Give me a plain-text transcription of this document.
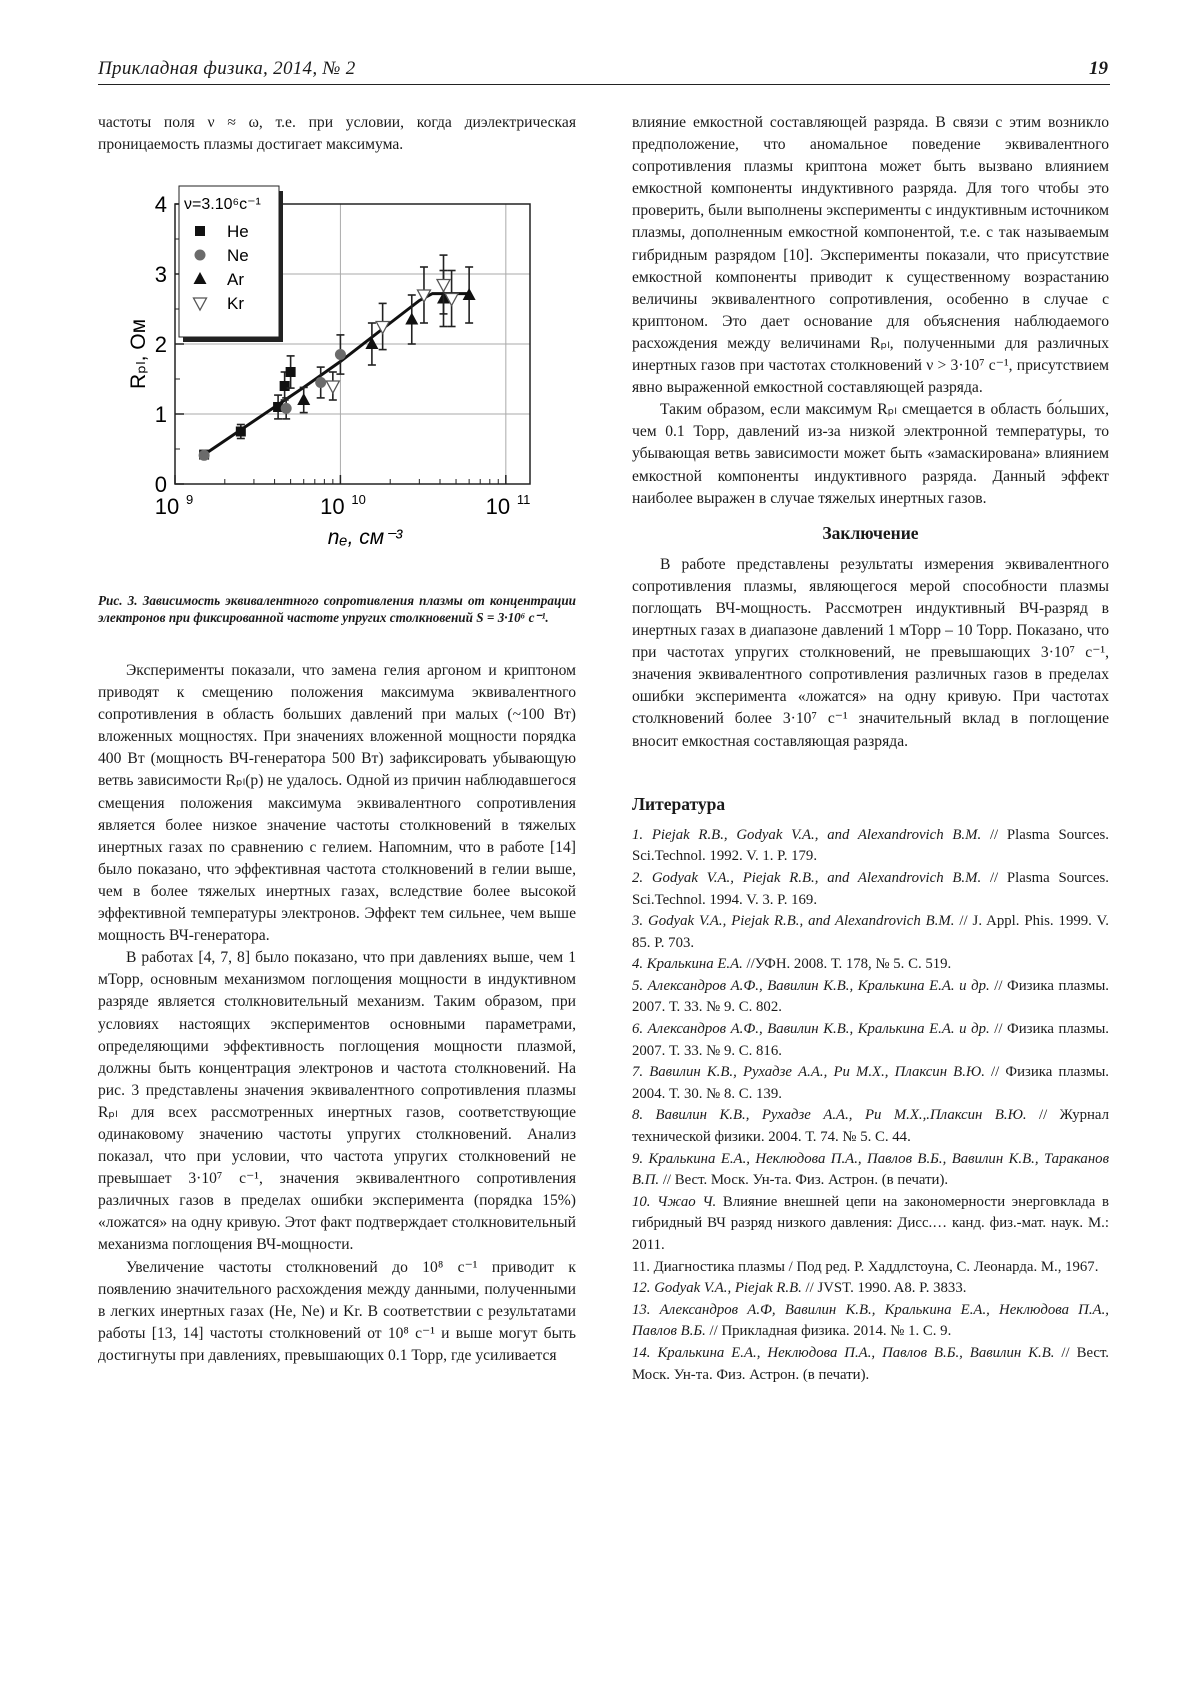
Прикладная физика, 2014, № 2	19

частоты поля ν ≈ ω, т.е. при условии, когда диэлектрическая проницаемость плазмы достигает максимума.

0
1
2
3
4
10 9	10 10	10 11
nₑ, см⁻³
Rₚₗ, Ом
ν=3.10⁶с⁻¹
He
Ne
Ar
Kr
Рис. 3. Зависимость эквивалентного сопротивления плазмы от концентрации электронов при фиксированной частоте упругих столкновений S = 3·10⁶ с⁻¹.

Эксперименты показали, что замена гелия аргоном и криптоном приводят к смещению положения максимума эквивалентного сопротивления в область больших давлений при малых (~100 Вт) вложенных мощностях. При значениях вложенной мощности порядка 400 Вт (мощность ВЧ-генератора 500 Вт) зафиксировать убывающую ветвь зависимости Rₚₗ(p) не удалось. Одной из причин наблюдавшегося смещения положения максимума эквивалентного сопротивления является более низкое значение частоты столкновений в тяжелых инертных газах по сравнению с гелием. Напомним, что в работе [14] было показано, что эффективная частота столкновений в гелии выше, чем в более тяжелых инертных газах, вследствие более высокой эффективной температуры электронов. Эффект тем сильнее, чем выше мощность ВЧ-генератора.

В работах [4, 7, 8] было показано, что при давлениях выше, чем 1 мТорр, основным механизмом поглощения мощности в индуктивном разряде является столкновительный механизм. Таким образом, при условиях настоящих экспериментов основными параметрами, определяющими эффективность поглощения мощности плазмой, должны быть концентрация электронов и частота столкновений. На рис. 3 представлены значения эквивалентного сопротивления плазмы Rₚₗ для всех рассмотренных инертных газов, соответствующие одинаковому значению частоты упругих столкновений. Анализ показал, что при условии, что частота упругих столкновений не превышает 3·10⁷ с⁻¹, значения эквивалентного сопротивления различных газов в пределах ошибки эксперимента (порядка 15%) «ложатся» на одну кривую. Этот факт подтверждает столкновительный механизма поглощения ВЧ-мощности.

Увеличение частоты столкновений до 10⁸ с⁻¹ приводит к появлению значительного расхождения между данными, полученными в легких инертных газах (He, Ne) и Kr. В соответствии с результатами работы [13, 14] частоты столкновений от 10⁸ с⁻¹ и выше могут быть достигнуты при давлениях, превышающих 0.1 Торр, где усиливается

влияние емкостной составляющей разряда. В связи с этим возникло предположение, что аномальное поведение эквивалентного сопротивления плазмы криптона может быть вызвано влиянием емкостной компоненты индуктивного разряда. Для того чтобы это проверить, были выполнены эксперименты с индуктивным источником плазмы, дополненным емкостной компонентой, т.е. с так называемым гибридным разрядом [10]. Эксперименты показали, что присутствие емкостной компоненты приводит к существенному возрастанию величины эквивалентного сопротивления, особенно в случае с криптоном. Это дает основание для объяснения наблюдаемого расхождения между величинами Rₚₗ, полученными для различных инертных газов при частотах столкновений ν > 3·10⁷ с⁻¹, присутствием явно выраженной емкостной составляющей разряда.

Таким образом, если максимум Rₚₗ смещается в область бо́льших, чем 0.1 Торр, давлений из-за низкой электронной температуры, то убывающая ветвь зависимости может быть «замаскирована» влиянием емкостной компоненты индуктивного разряда. Данный эффект наиболее выражен в случае тяжелых инертных газов.

Заключение

В работе представлены результаты измерения эквивалентного сопротивления плазмы, являющегося мерой способности плазмы поглощать ВЧ-мощность. Рассмотрен индуктивный ВЧ-разряд в инертных газах в диапазоне давлений 1 мТорр – 10 Торр. Показано, что при частотах упругих столкновений, не превышающих 3·10⁷ с⁻¹, значения эквивалентного сопротивления различных газов в пределах ошибки эксперимента «ложатся» на одну кривую. При частотах столкновений более 3·10⁷ с⁻¹ значительный вклад в поглощение вносит емкостная составляющая разряда.

Литература
1. Piejak R.B., Godyak V.A., and Alexandrovich B.M. // Plasma Sources. Sci.Technol. 1992. V. 1. P. 179.
2. Godyak V.A., Piejak R.B., and Alexandrovich B.M. // Plasma Sources. Sci.Technol. 1994. V. 3. P. 169.
3. Godyak V.A., Piejak R.B., and Alexandrovich B.M. // J. Appl. Phis. 1999. V. 85. P. 703.
4. Кралькина Е.А. //УФН. 2008. Т. 178, № 5. С. 519.
5. Александров А.Ф., Вавилин К.В., Кралькина Е.А. и др. // Физика плазмы. 2007. Т. 33. № 9. С. 802.
6. Александров А.Ф., Вавилин К.В., Кралькина Е.А. и др. // Физика плазмы. 2007. Т. 33. № 9. С. 816.
7. Вавилин К.В., Рухадзе А.А., Ри М.Х., Плаксин В.Ю. // Физика плазмы. 2004. Т. 30. № 8. С. 139.
8. Вавилин К.В., Рухадзе А.А., Ри М.Х.,.Плаксин В.Ю. // Журнал технической физики. 2004. Т. 74. № 5. С. 44.
9. Кралькина Е.А., Неклюдова П.А., Павлов В.Б., Вавилин К.В., Тараканов В.П. // Вест. Моск. Ун-та. Физ. Астрон. (в печати).
10. Чжао Ч. Влияние внешней цепи на закономерности энерговклада в гибридный ВЧ разряд низкого давления: Дисс.… канд. физ.-мат. наук. М.: 2011.
11. Диагностика плазмы / Под ред. Р. Хаддлстоуна, С. Леонарда. М., 1967.
12. Godyak V.A., Piejak R.B. // JVST. 1990. A8. P. 3833.
13. Александров А.Ф, Вавилин К.В., Кралькина Е.А., Неклюдова П.А., Павлов В.Б. // Прикладная физика. 2014. № 1. С. 9.
14. Кралькина Е.А., Неклюдова П.А., Павлов В.Б., Вавилин К.В. // Вест. Моск. Ун-та. Физ. Астрон. (в печати).
